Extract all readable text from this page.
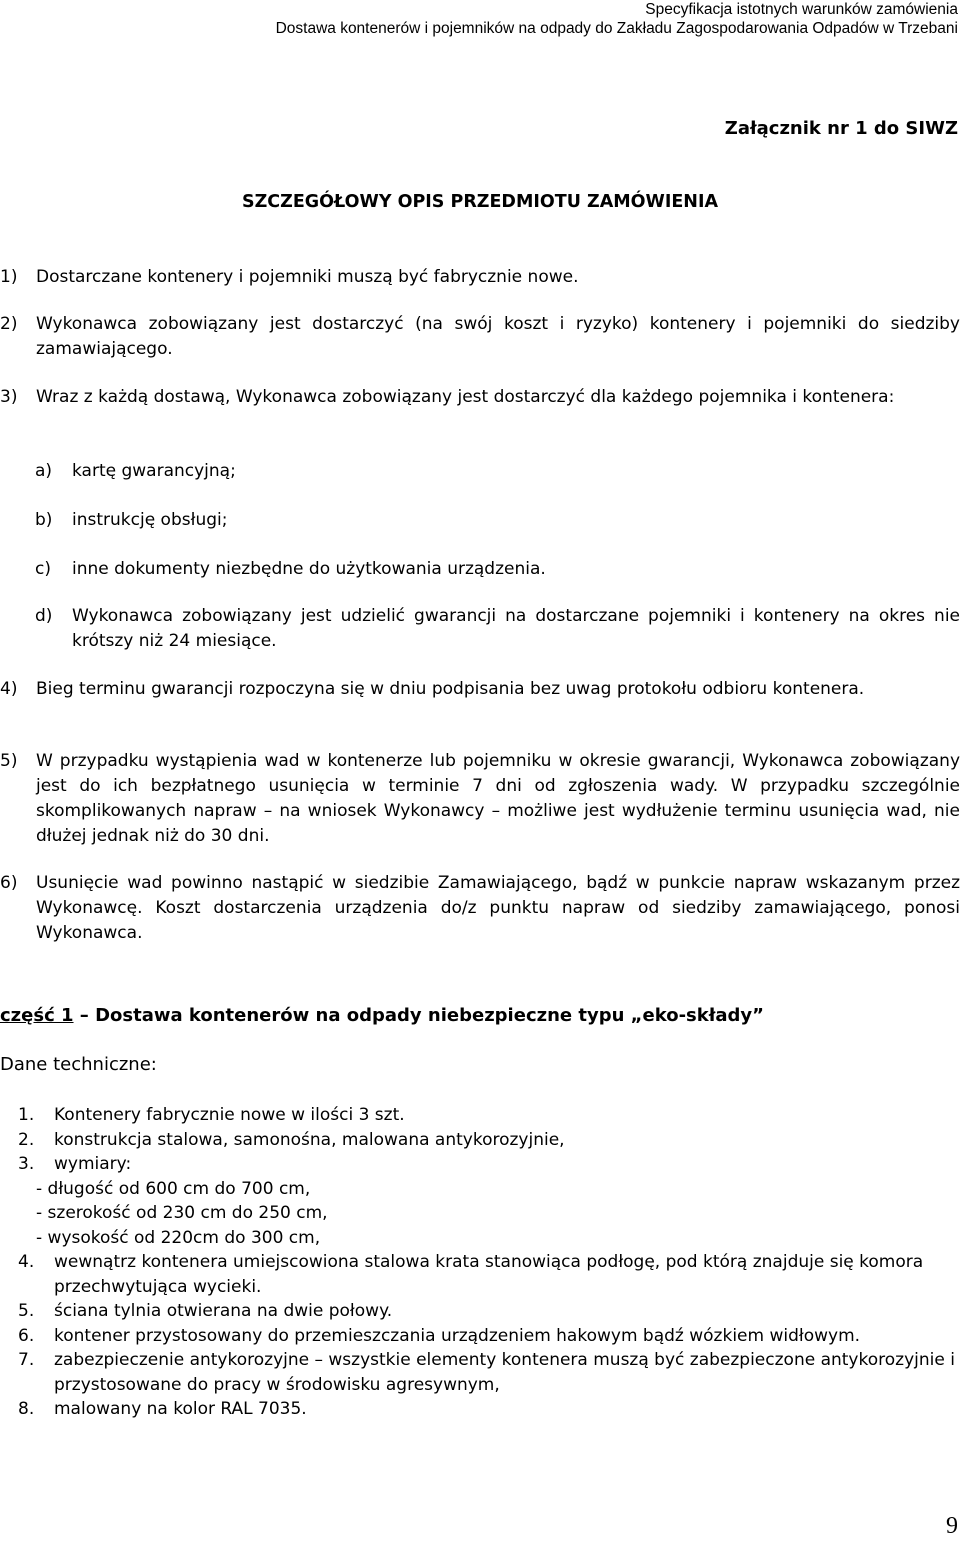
Specyfikacja istotnych warunków zamówienia
Dostawa kontenerów i pojemników na odpady do Zakładu Zagospodarowania Odpadów w Trzebani
Załącznik nr 1 do SIWZ
SZCZEGÓŁOWY OPIS PRZEDMIOTU ZAMÓWIENIA
1) Dostarczane kontenery i pojemniki muszą być fabrycznie nowe.
2) Wykonawca zobowiązany jest dostarczyć (na swój koszt i ryzyko) kontenery i pojemniki do siedziby zamawiającego.
3) Wraz z każdą dostawą, Wykonawca zobowiązany jest dostarczyć dla każdego pojemnika i kontenera:
a) kartę gwarancyjną;
b) instrukcję obsługi;
c) inne dokumenty niezbędne do użytkowania urządzenia.
d) Wykonawca zobowiązany jest udzielić gwarancji na dostarczane pojemniki i kontenery na okres nie krótszy niż 24 miesiące.
4) Bieg terminu gwarancji rozpoczyna się w dniu podpisania bez uwag protokołu odbioru kontenera.
5) W przypadku wystąpienia wad w kontenerze lub pojemniku w okresie gwarancji, Wykonawca zobowiązany jest do ich bezpłatnego usunięcia w terminie 7 dni od zgłoszenia wady. W przypadku szczególnie skomplikowanych napraw – na wniosek Wykonawcy – możliwe jest wydłużenie terminu usunięcia wad, nie dłużej jednak niż do 30 dni.
6) Usunięcie wad powinno nastąpić w siedzibie Zamawiającego, bądź w punkcie napraw wskazanym przez Wykonawcę. Koszt dostarczenia urządzenia do/z punktu napraw od siedziby zamawiającego, ponosi Wykonawca.
część 1 – Dostawa kontenerów na odpady niebezpieczne typu „eko-składy”
Dane techniczne:
1. Kontenery fabrycznie nowe w ilości 3 szt.
2. konstrukcja stalowa, samonośna, malowana antykorozyjnie,
3. wymiary:
- długość od 600 cm do 700 cm,
- szerokość od 230 cm do 250 cm,
- wysokość od 220cm do 300 cm,
4. wewnątrz kontenera umiejscowiona stalowa krata stanowiąca podłogę, pod którą znajduje się komora przechwytująca wycieki.
5. ściana tylnia otwierana na dwie połowy.
6. kontener przystosowany do przemieszczania urządzeniem hakowym bądź wózkiem widłowym.
7. zabezpieczenie antykorozyjne – wszystkie elementy kontenera muszą być zabezpieczone antykorozyjnie i przystosowane do pracy w środowisku agresywnym,
8. malowany na kolor RAL 7035.
9
